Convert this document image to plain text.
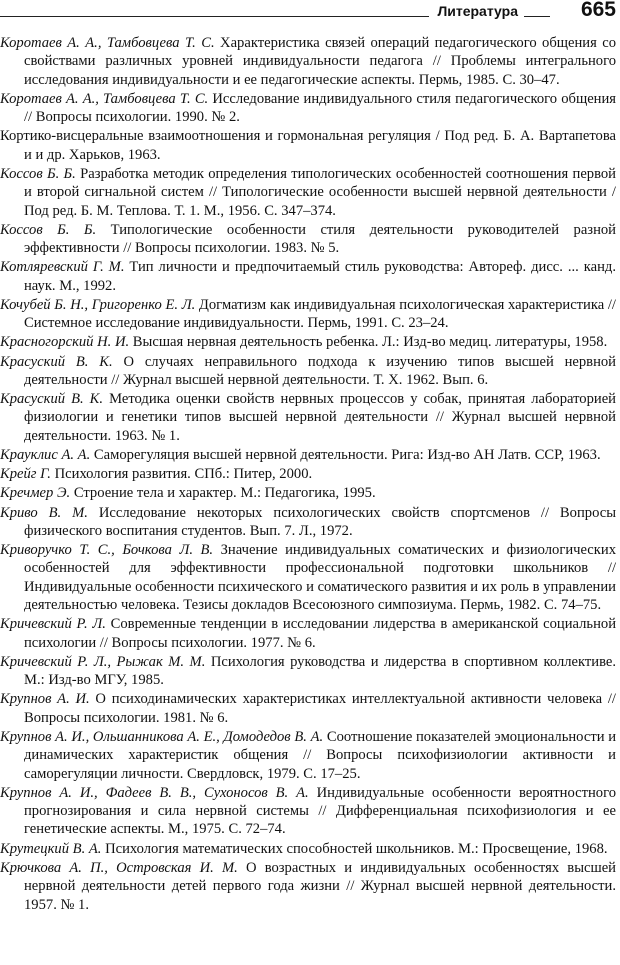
Литература	665

Коротаев А. А., Тамбовцева Т. С. Характеристика связей операций педагогического общения со свойствами различных уровней индивидуальности педагога // Проблемы интегрального исследования индивидуальности и ее педагогические аспекты. Пермь, 1985. С. 30–47.

Коротаев А. А., Тамбовцева Т. С. Исследование индивидуального стиля педагогического общения // Вопросы психологии. 1990. № 2.

Кортико-висцеральные взаимоотношения и гормональная регуляция / Под ред. Б. А. Вартапетова и и др. Харьков, 1963.

Коссов Б. Б. Разработка методик определения типологических особенностей соотношения первой и второй сигнальной систем // Типологические особенности высшей нервной деятельности / Под ред. Б. М. Теплова. Т. 1. М., 1956. С. 347–374.

Коссов Б. Б. Типологические особенности стиля деятельности руководителей разной эффективности // Вопросы психологии. 1983. № 5.

Котляревский Г. М. Тип личности и предпочитаемый стиль руководства: Автореф. дисс. ... канд. наук. М., 1992.

Кочубей Б. Н., Григоренко Е. Л. Догматизм как индивидуальная психологическая характеристика // Системное исследование индивидуальности. Пермь, 1991. С. 23–24.

Красногорский Н. И. Высшая нервная деятельность ребенка. Л.: Изд-во медиц. литературы, 1958.

Красуский В. К. О случаях неправильного подхода к изучению типов высшей нервной деятельности // Журнал высшей нервной деятельности. Т. Х. 1962. Вып. 6.

Красуский В. К. Методика оценки свойств нервных процессов у собак, принятая лабораторией физиологии и генетики типов высшей нервной деятельности // Журнал высшей нервной деятельности. 1963. № 1.

Крауклис А. А. Саморегуляция высшей нервной деятельности. Рига: Изд-во АН Латв. ССР, 1963.

Крейг Г. Психология развития. СПб.: Питер, 2000.

Кречмер Э. Строение тела и характер. М.: Педагогика, 1995.

Криво В. М. Исследование некоторых психологических свойств спортсменов // Вопросы физического воспитания студентов. Вып. 7. Л., 1972.

Криворучко Т. С., Бочкова Л. В. Значение индивидуальных соматических и физиологических особенностей для эффективности профессиональной подготовки школьников // Индивидуальные особенности психического и соматического развития и их роль в управлении деятельностью человека. Тезисы докладов Всесоюзного симпозиума. Пермь, 1982. С. 74–75.

Кричевский Р. Л. Современные тенденции в исследовании лидерства в американской социальной психологии // Вопросы психологии. 1977. № 6.

Кричевский Р. Л., Рыжак М. М. Психология руководства и лидерства в спортивном коллективе. М.: Изд-во МГУ, 1985.

Крупнов А. И. О психодинамических характеристиках интеллектуальной активности человека // Вопросы психологии. 1981. № 6.

Крупнов А. И., Ольшанникова А. Е., Домодедов В. А. Соотношение показателей эмоциональности и динамических характеристик общения // Вопросы психофизиологии активности и саморегуляции личности. Свердловск, 1979. С. 17–25.

Крупнов А. И., Фадеев В. В., Сухоносов В. А. Индивидуальные особенности вероятностного прогнозирования и сила нервной системы // Дифференциальная психофизиология и ее генетические аспекты. М., 1975. С. 72–74.

Крутецкий В. А. Психология математических способностей школьников. М.: Просвещение, 1968.

Крючкова А. П., Островская И. М. О возрастных и индивидуальных особенностях высшей нервной деятельности детей первого года жизни // Журнал высшей нервной деятельности. 1957. № 1.
